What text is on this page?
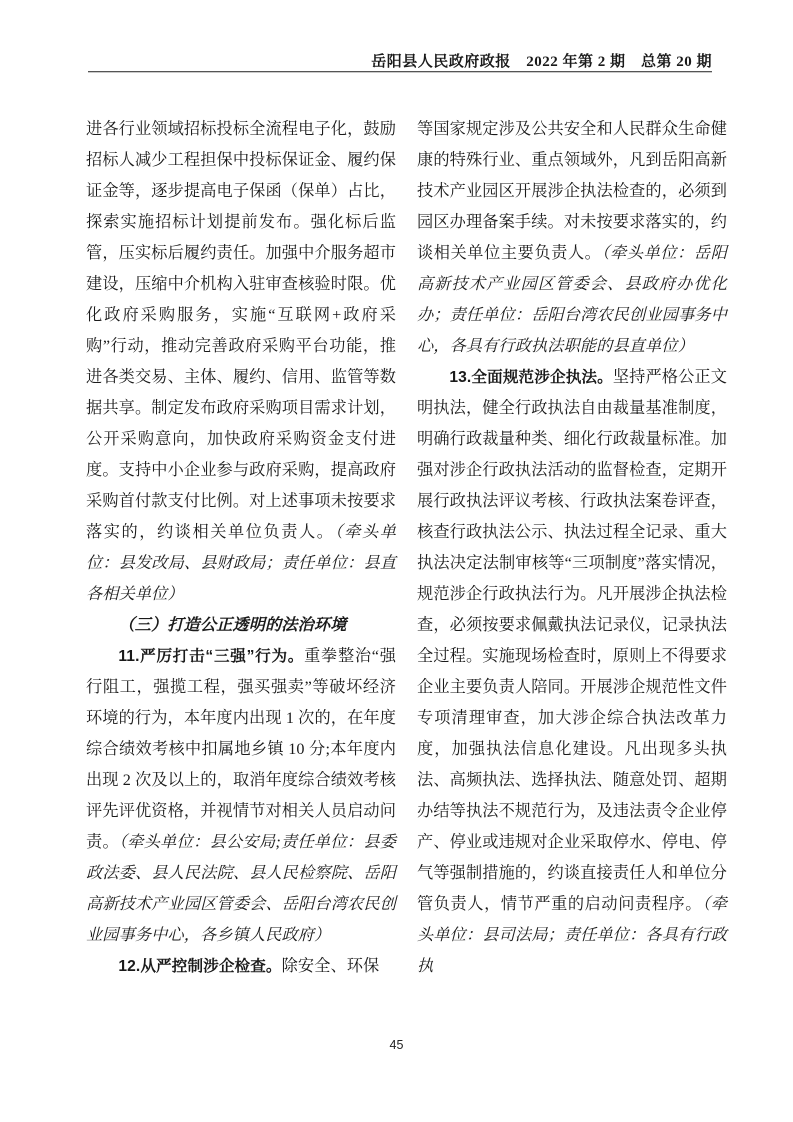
岳阳县人民政府政报　2022 年第 2 期　总第 20 期

进各行业领域招标投标全流程电子化，鼓励招标人减少工程担保中投标保证金、履约保证金等，逐步提高电子保函（保单）占比，探索实施招标计划提前发布。强化标后监管，压实标后履约责任。加强中介服务超市建设，压缩中介机构入驻审查核验时限。优化政府采购服务，实施“互联网+政府采购”行动，推动完善政府采购平台功能，推进各类交易、主体、履约、信用、监管等数据共享。制定发布政府采购项目需求计划，公开采购意向，加快政府采购资金支付进度。支持中小企业参与政府采购，提高政府采购首付款支付比例。对上述事项未按要求落实的，约谈相关单位负责人。（牵头单位：县发改局、县财政局；责任单位：县直各相关单位）

（三）打造公正透明的法治环境

11.严厉打击“三强”行为。重拳整治“强行阻工，强揽工程，强买强卖”等破坏经济环境的行为，本年度内出现 1 次的，在年度综合绩效考核中扣属地乡镇 10 分;本年度内出现 2 次及以上的，取消年度综合绩效考核评先评优资格，并视情节对相关人员启动问责。（牵头单位：县公安局;责任单位：县委政法委、县人民法院、县人民检察院、岳阳高新技术产业园区管委会、岳阳台湾农民创业园事务中心，各乡镇人民政府）

12.从严控制涉企检查。除安全、环保

等国家规定涉及公共安全和人民群众生命健康的特殊行业、重点领域外，凡到岳阳高新技术产业园区开展涉企执法检查的，必须到园区办理备案手续。对未按要求落实的，约谈相关单位主要负责人。（牵头单位：岳阳高新技术产业园区管委会、县政府办优化办；责任单位：岳阳台湾农民创业园事务中心，各具有行政执法职能的县直单位）

13.全面规范涉企执法。坚持严格公正文明执法，健全行政执法自由裁量基准制度，明确行政裁量种类、细化行政裁量标准。加强对涉企行政执法活动的监督检查，定期开展行政执法评议考核、行政执法案卷评查，核查行政执法公示、执法过程全记录、重大执法决定法制审核等“三项制度”落实情况，规范涉企行政执法行为。凡开展涉企执法检查，必须按要求佩戴执法记录仪，记录执法全过程。实施现场检查时，原则上不得要求企业主要负责人陪同。开展涉企规范性文件专项清理审查，加大涉企综合执法改革力度，加强执法信息化建设。凡出现多头执法、高频执法、选择执法、随意处罚、超期办结等执法不规范行为，及违法责令企业停产、停业或违规对企业采取停水、停电、停气等强制措施的，约谈直接责任人和单位分管负责人，情节严重的启动问责程序。（牵头单位：县司法局；责任单位：各具有行政执

45
